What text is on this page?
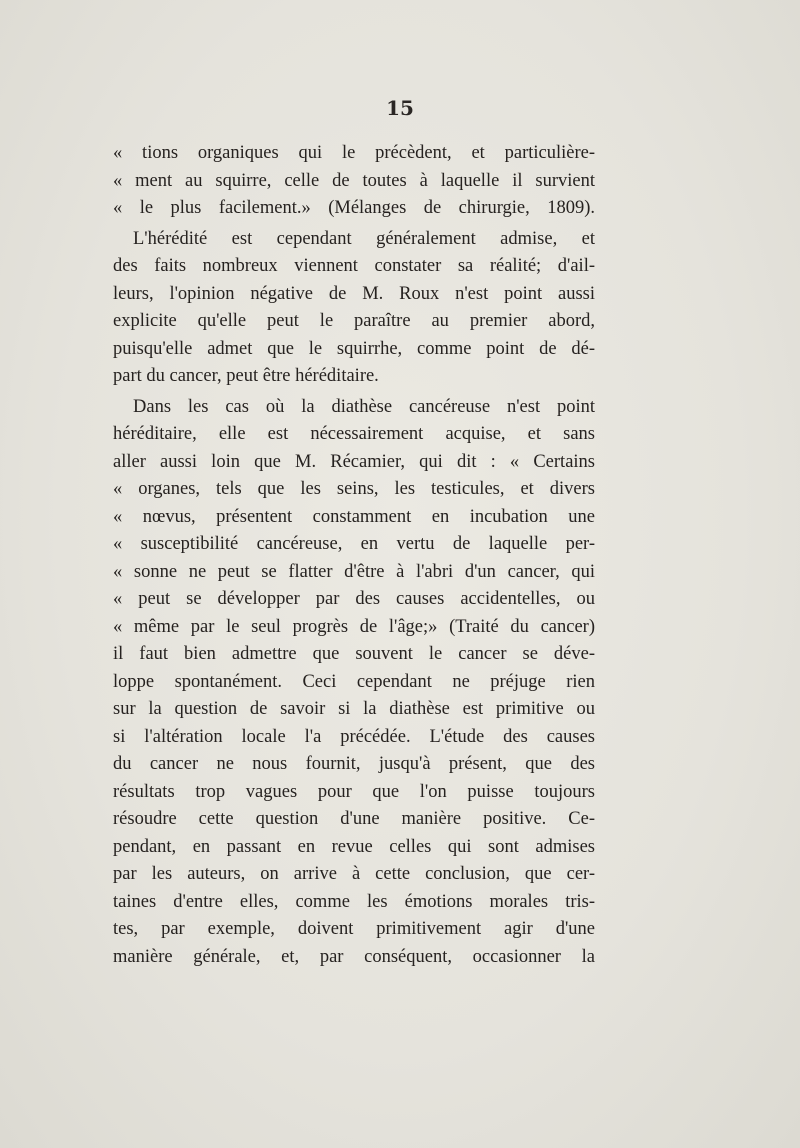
15
« tions organiques qui le précèdent, et particulière-
« ment au squirre, celle de toutes à laquelle il survient
« le plus facilement.» (Mélanges de chirurgie, 1809).
L'hérédité est cependant généralement admise, et
des faits nombreux viennent constater sa réalité; d'ail-
leurs, l'opinion négative de M. Roux n'est point aussi
explicite qu'elle peut le paraître au premier abord,
puisqu'elle admet que le squirrhe, comme point de dé-
part du cancer, peut être héréditaire.
Dans les cas où la diathèse cancéreuse n'est point
héréditaire, elle est nécessairement acquise, et sans
aller aussi loin que M. Récamier, qui dit : « Certains
« organes, tels que les seins, les testicules, et divers
« nœvus, présentent constamment en incubation une
« susceptibilité cancéreuse, en vertu de laquelle per-
« sonne ne peut se flatter d'être à l'abri d'un cancer, qui
« peut se développer par des causes accidentelles, ou
« même par le seul progrès de l'âge;» (Traité du cancer)
il faut bien admettre que souvent le cancer se déve-
loppe spontanément. Ceci cependant ne préjuge rien
sur la question de savoir si la diathèse est primitive ou
si l'altération locale l'a précédée. L'étude des causes
du cancer ne nous fournit, jusqu'à présent, que des
résultats trop vagues pour que l'on puisse toujours
résoudre cette question d'une manière positive. Ce-
pendant, en passant en revue celles qui sont admises
par les auteurs, on arrive à cette conclusion, que cer-
taines d'entre elles, comme les émotions morales tris-
tes, par exemple, doivent primitivement agir d'une
manière générale, et, par conséquent, occasionner la
